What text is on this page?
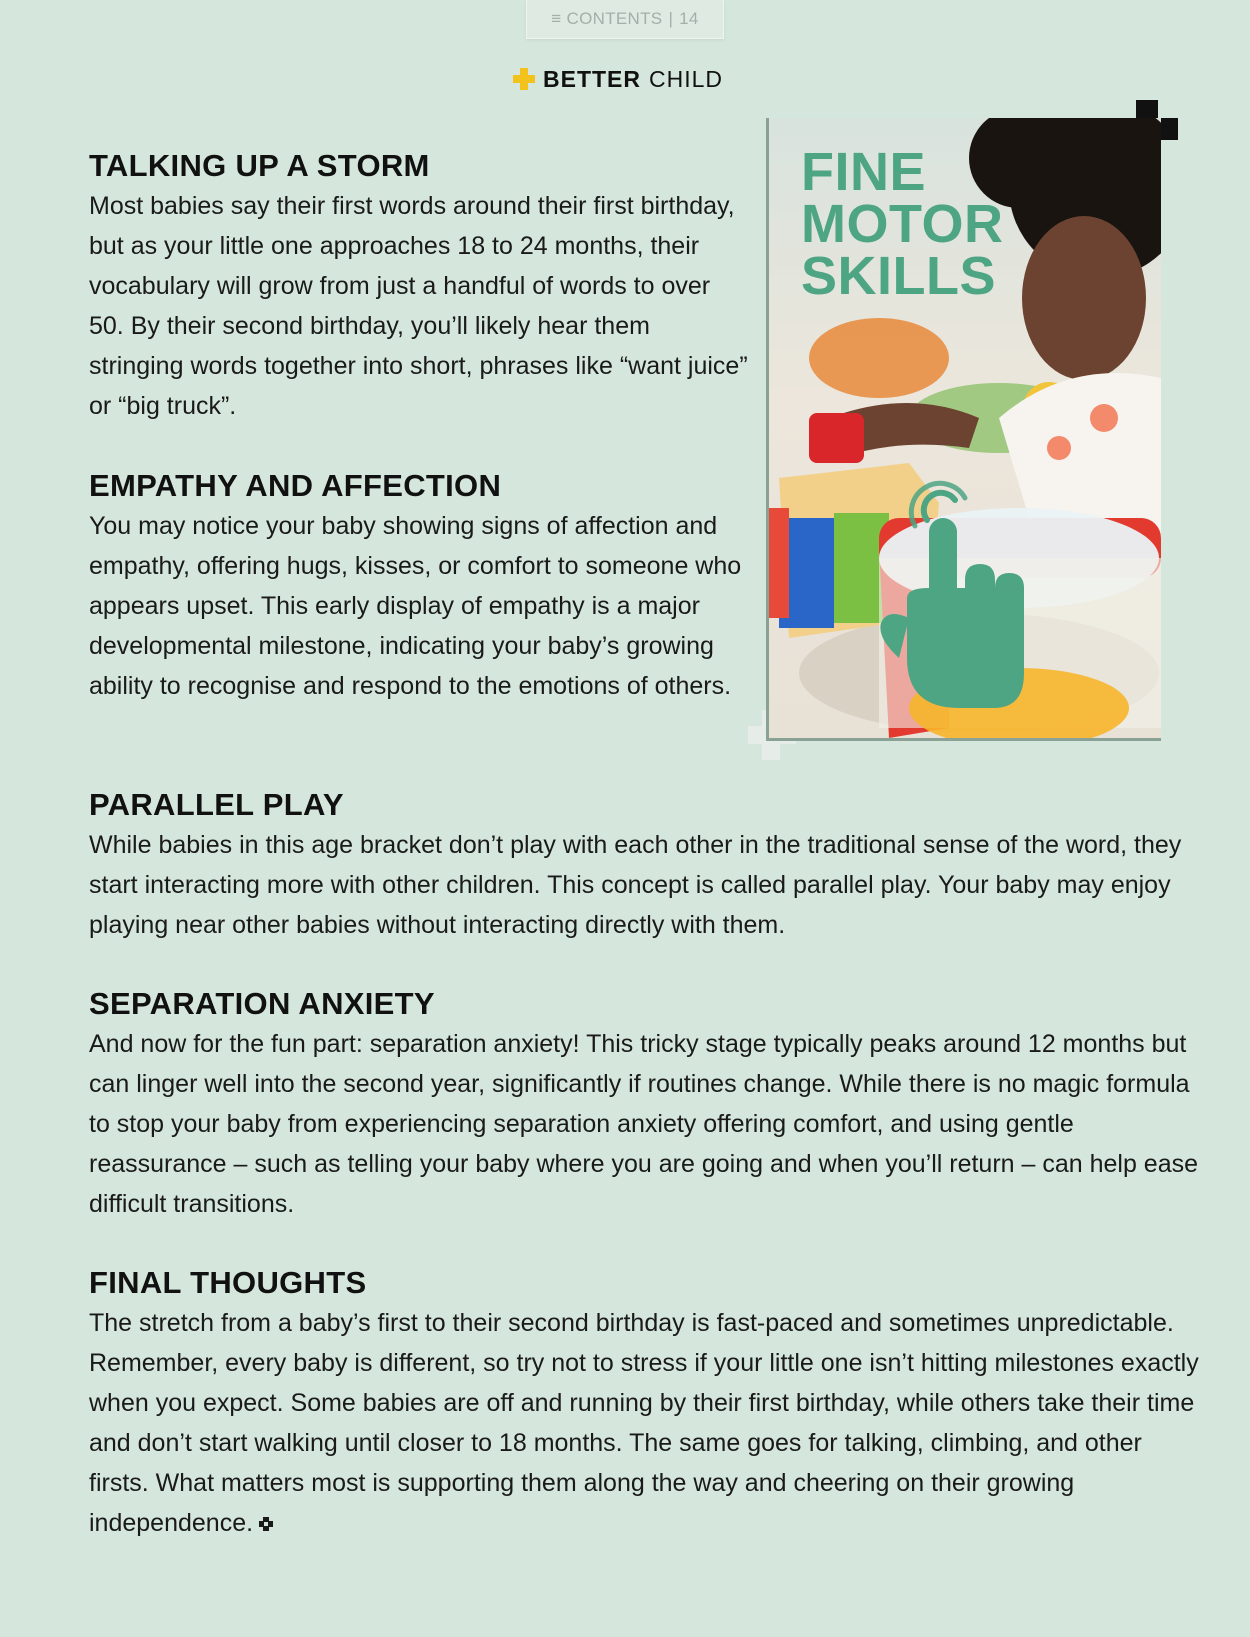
≡ CONTENTS | 14
BETTER CHILD
FINE
MOTOR
SKILLS
TALKING UP A STORM

Most babies say their first words around their first birthday, but as your little one approaches 18 to 24 months, their vocabulary will grow from just a handful of words to over 50. By their second birthday, you’ll likely hear them stringing words together into short, phrases like “want juice” or “big truck”.

EMPATHY AND AFFECTION

You may notice your baby showing signs of affection and empathy, offering hugs, kisses, or comfort to someone who appears upset. This early display of empathy is a major developmental milestone, indicating your baby’s growing ability to recognise and respond to the emotions of others.

PARALLEL PLAY

While babies in this age bracket don’t play with each other in the traditional sense of the word, they start interacting more with other children. This concept is called parallel play. Your baby may enjoy playing near other babies without interacting directly with them.

SEPARATION ANXIETY

And now for the fun part: separation anxiety! This tricky stage typically peaks around 12 months but can linger well into the second year, significantly if routines change. While there is no magic formula to stop your baby from experiencing separation anxiety offering comfort, and using gentle reassurance – such as telling your baby where you are going and when you’ll return – can help ease difficult transitions.

FINAL THOUGHTS

The stretch from a baby’s first to their second birthday is fast-paced and sometimes unpredictable. Remember, every baby is different, so try not to stress if your little one isn’t hitting milestones exactly when you expect. Some babies are off and running by their first birthday, while others take their time and don’t start walking until closer to 18 months. The same goes for talking, climbing, and other firsts. What matters most is supporting them along the way and cheering on their growing independence.
